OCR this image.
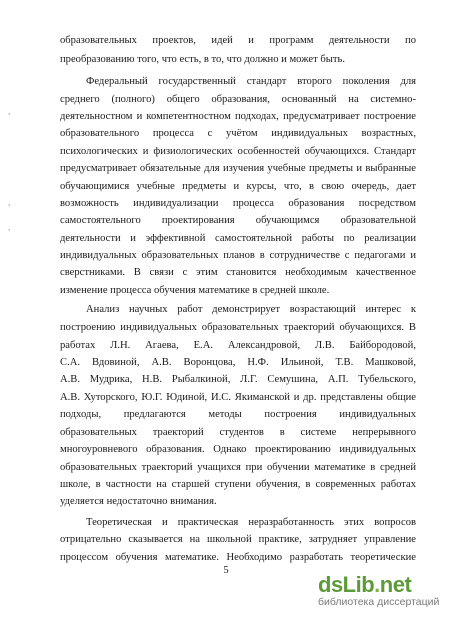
образовательных проектов, идей и программ деятельности по
преобразованию того, что есть, в то, что должно и может быть.
Федеральный государственный стандарт второго поколения для
среднего (полного) общего образования, основанный на системно-
деятельностном и компетентностном подходах, предусматривает построение
образовательного процесса с учётом индивидуальных возрастных,
психологических и физиологических особенностей обучающихся. Стандарт
предусматривает обязательные для изучения учебные предметы и выбранные
обучающимися учебные предметы и курсы, что, в свою очередь, дает
возможность индивидуализации процесса образования посредством
самостоятельного проектирования обучающимся образовательной
деятельности и эффективной самостоятельной работы по реализации
индивидуальных образовательных планов в сотрудничестве с педагогами и
сверстниками. В связи с этим становится необходимым качественное
изменение процесса обучения математике в средней школе.
Анализ научных работ демонстрирует возрастающий интерес к
построению индивидуальных образовательных траекторий обучающихся. В
работах Л.Н. Агаева, Е.А. Александровой, Л.В. Байбородовой,
С.А. Вдовиной, А.В. Воронцова, Н.Ф. Ильиной, Т.В. Машковой,
А.В. Мудрика, Н.В. Рыбалкиной, Л.Г. Семушина, А.П. Тубельского,
А.В. Хуторского, Ю.Г. Юдиной, И.С. Якиманской и др. представлены общие
подходы, предлагаются методы построения индивидуальных
образовательных траекторий студентов в системе непрерывного
многоуровневого образования. Однако проектированию индивидуальных
образовательных траекторий учащихся при обучении математике в средней
школе, в частности на старшей ступени обучения, в современных работах
уделяется недостаточно внимания.
Теоретическая и практическая неразработанность этих вопросов
отрицательно сказывается на школьной практике, затрудняет управление
процессом обучения математике. Необходимо разработать теоретические
5
,
,
,
dsLib.net
библиотека диссертаций
